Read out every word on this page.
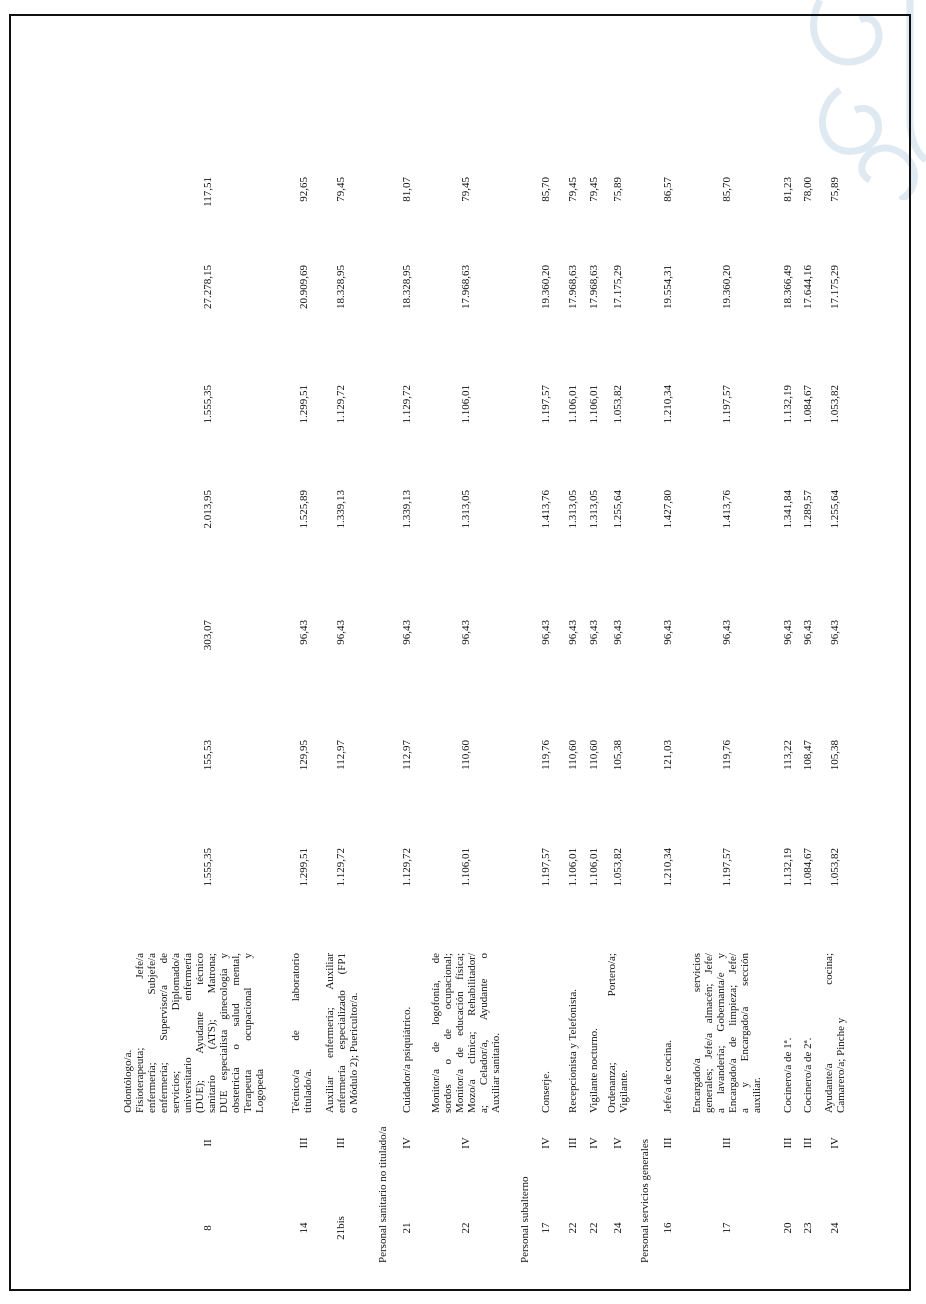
8
II
Odontólogo/a. Fisioterapeuta; Jefe/a enfermería; Subjefe/a enfermería; Supervisor/a de servicios; Diplomado/a universitario enfermería (DUE); Ayudante técnico sanitario (ATS); Matrona; DUE especialista ginecología y obstetricia o salud mental, Terapeuta ocupacional y Logopeda
1.555,35
155,53
303,07
2.013,95
1.555,35
27.278,15
117,51
14
III
Técnico/a de laboratorio titulado/a.
1.299,51
129,95
96,43
1.525,89
1.299,51
20.909,69
92,65
21bis
III
Auxiliar enfermería; Auxiliar enfermería especializado (FP1 o Módulo 2); Puericultor/a.
1.129,72
112,97
96,43
1.339,13
1.129,72
18.328,95
79,45
Personal sanitario no titulado/a 21
IV
Cuidador/a psiquiátrico.
1.129,72
112,97
96,43
1.339,13
1.129,72
18.328,95
81,07
22
IV
Monitor/a de logofonía, de sordos o de ocupacional; Monitor/a de educación física; Mozo/a clínica; Rehabilitador/ a; Celador/a, Ayudante o Auxiliar sanitario.
1.106,01
110,60
96,43
1.313,05
1.106,01
17.968,63
79,45
Personal subalterno 17
IV
Conserje.
1.197,57
119,76
96,43
1.413,76
1.197,57
19.360,20
85,70
22
III
Recepcionista y Telefonista.
1.106,01
110,60
96,43
1.313,05
1.106,01
17.968,63
79,45
22
IV
Vigilante nocturno.
1.106,01
110,60
96,43
1.313,05
1.106,01
17.968,63
79,45
24
IV
Ordenanza; Portero/a; Vigilante.
1.053,82
105,38
96,43
1.255,64
1.053,82
17.175,29
75,89
Personal servicios generales 16
III
Jefe/a de cocina.
1.210,34
121,03
96,43
1.427,80
1.210,34
19.554,31
86,57
17
III
Encargado/a servicios generales; Jefe/a almacén; Jefe/ a lavandería; Gobernanta/e y Encargado/a de limpieza; Jefe/ a y Encargado/a sección auxiliar.
1.197,57
119,76
96,43
1.413,76
1.197,57
19.360,20
85,70
20
III
Cocinero/a de 1ª.
1.132,19
113,22
96,43
1.341,84
1.132,19
18.366,49
81,23
23
III
Cocinero/a de 2ª.
1.084,67
108,47
96,43
1.289,57
1.084,67
17.644,16
78,00
24
IV
Ayudante/a cocina; Camarero/a; Pinche y
1.053,82
105,38
96,43
1.255,64
1.053,82
17.175,29
75,89
